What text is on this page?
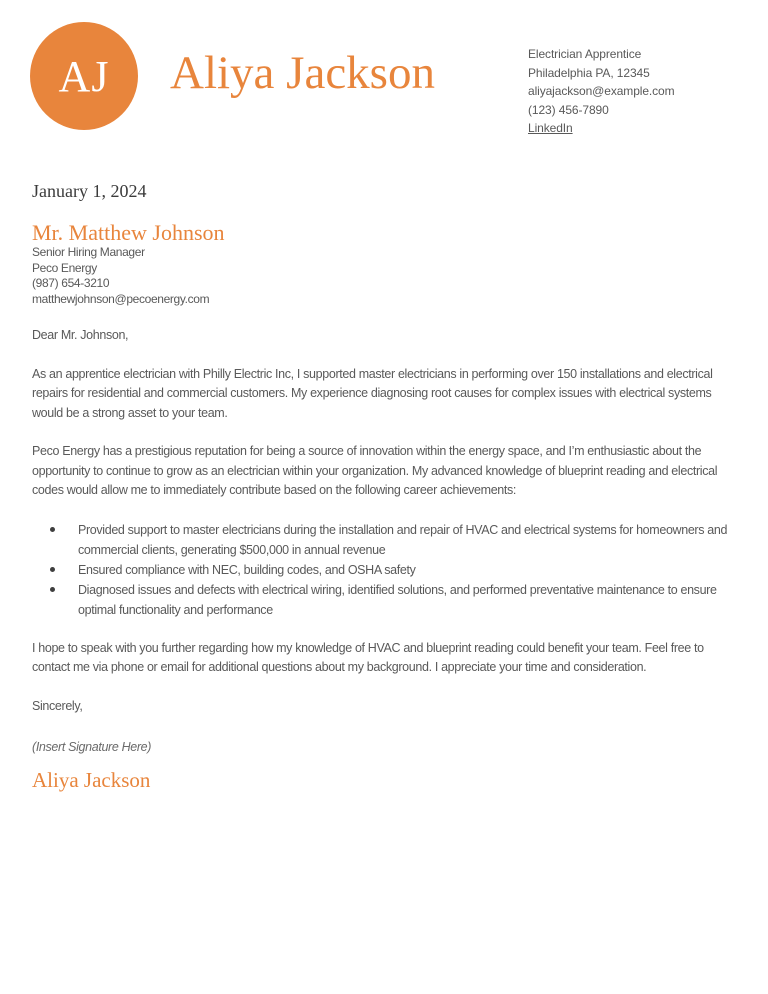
AJ Aliya Jackson	Electrician Apprentice
Philadelphia PA, 12345
aliyajackson@example.com
(123) 456-7890
LinkedIn
January 1, 2024
Mr. Matthew Johnson
Senior Hiring Manager
Peco Energy
(987) 654-3210
matthewjohnson@pecoenergy.com

Dear Mr. Johnson,

As an apprentice electrician with Philly Electric Inc, I supported master electricians in performing over 150 installations and electrical repairs for residential and commercial customers. My experience diagnosing root causes for complex issues with electrical systems would be a strong asset to your team.

Peco Energy has a prestigious reputation for being a source of innovation within the energy space, and I’m enthusiastic about the opportunity to continue to grow as an electrician within your organization. My advanced knowledge of blueprint reading and electrical codes would allow me to immediately contribute based on the following career achievements:

Provided support to master electricians during the installation and repair of HVAC and electrical systems for homeowners and commercial clients, generating $500,000 in annual revenue
Ensured compliance with NEC, building codes, and OSHA safety
Diagnosed issues and defects with electrical wiring, identified solutions, and performed preventative maintenance to ensure optimal functionality and performance

I hope to speak with you further regarding how my knowledge of HVAC and blueprint reading could benefit your team. Feel free to contact me via phone or email for additional questions about my background. I appreciate your time and consideration.

Sincerely,

(Insert Signature Here)

Aliya Jackson
